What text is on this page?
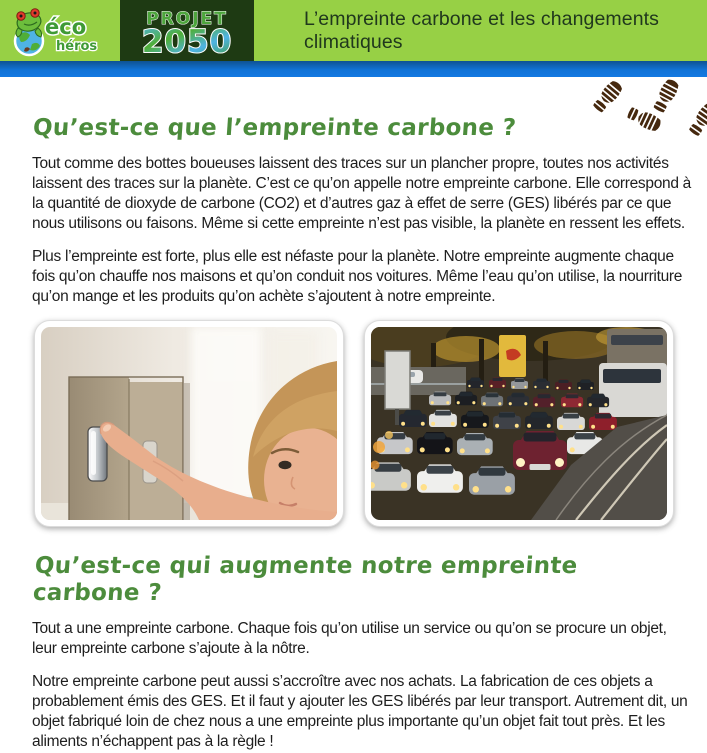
éco
héros
PROJET
2050
L’empreinte carbone et les changements climatiques
Qu’est-ce que l’empreinte carbone ?

Tout comme des bottes boueuses laissent des traces sur un plancher propre, toutes nos activités laissent des traces sur la planète. C’est ce qu’on appelle notre empreinte carbone. Elle correspond à la quantité de dioxyde de carbone (CO2) et d’autres gaz à effet de serre (GES) libérés par ce que nous utilisons ou faisons. Même si cette empreinte n’est pas visible, la planète en ressent les effets.

Plus l’empreinte est forte, plus elle est néfaste pour la planète. Notre empreinte augmente chaque fois qu’on chauffe nos maisons et qu’on conduit nos voitures. Même l’eau qu’on utilise, la nourriture qu’on mange et les produits qu’on achète s’ajoutent à notre empreinte.

Qu’est-ce qui augmente notre empreinte carbone ?

Tout a une empreinte carbone. Chaque fois qu’on utilise un service ou qu’on se procure un objet, leur empreinte carbone s’ajoute à la nôtre.

Notre empreinte carbone peut aussi s’accroître avec nos achats. La fabrication de ces objets a probablement émis des GES. Et il faut y ajouter les GES libérés par leur transport. Autrement dit, un objet fabriqué loin de chez nous a une empreinte plus importante qu’un objet fait tout près. Et les aliments n’échappent pas à la règle !
